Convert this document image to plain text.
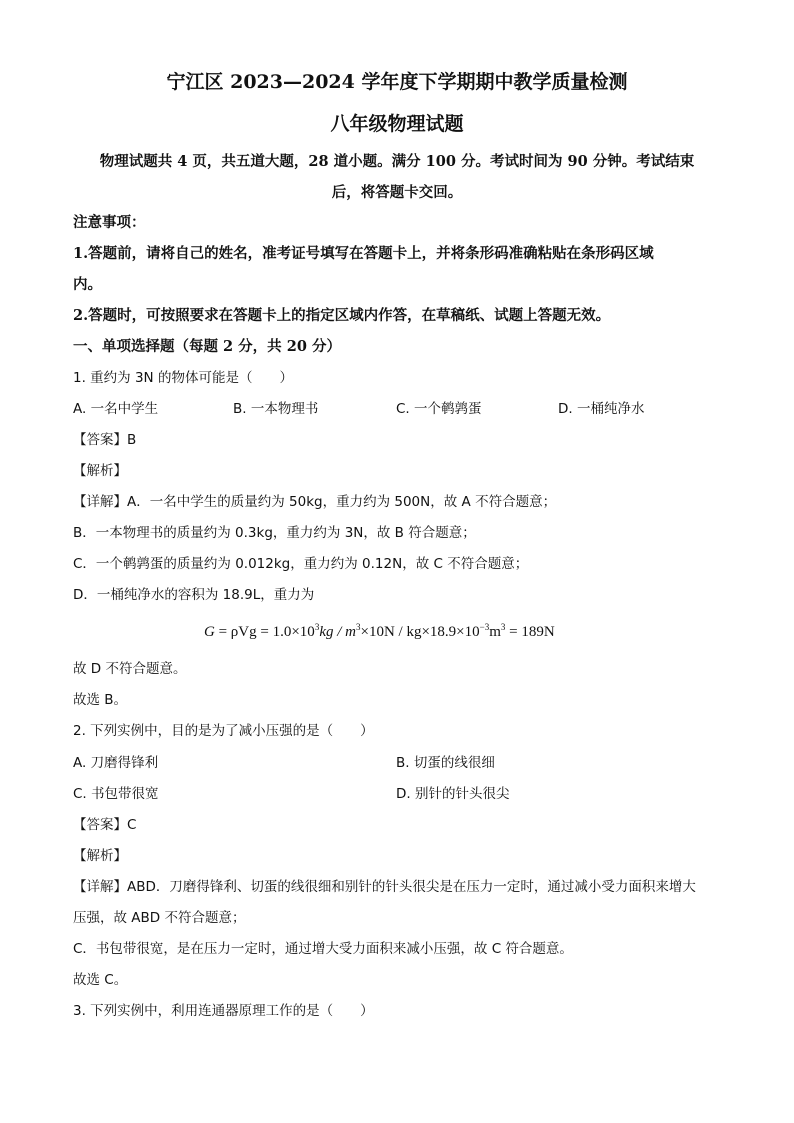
宁江区 2023—2024 学年度下学期期中教学质量检测
八年级物理试题
物理试题共 4 页，共五道大题，28 道小题。满分 100 分。考试时间为 90 分钟。考试结束
后，将答题卡交回。
注意事项：
1.答题前，请将自己的姓名，准考证号填写在答题卡上，并将条形码准确粘贴在条形码区域
内。
2.答题时，可按照要求在答题卡上的指定区域内作答，在草稿纸、试题上答题无效。
一、单项选择题（每题 2 分，共 20 分）
1. 重约为 3N 的物体可能是（　　）
A. 一名中学生	B. 一本物理书	C. 一个鹌鹑蛋	D. 一桶纯净水
【答案】B
【解析】
【详解】A．一名中学生的质量约为 50kg，重力约为 500N，故 A 不符合题意；
B．一本物理书的质量约为 0.3kg，重力约为 3N，故 B 符合题意；
C．一个鹌鹑蛋的质量约为 0.012kg，重力约为 0.12N，故 C 不符合题意；
D．一桶纯净水的容积为 18.9L，重力为
$G = \rho Vg = 1.0\times 10^3kg / m^3\times 10N / kg\times 18.9\times 10^{-3}m^3 = 189N$
故 D 不符合题意。
故选 B。
2. 下列实例中，目的是为了减小压强的是（　　）
A. 刀磨得锋利	B. 切蛋的线很细
C. 书包带很宽	D. 别针的针头很尖
【答案】C
【解析】
【详解】ABD．刀磨得锋利、切蛋的线很细和别针的针头很尖是在压力一定时，通过减小受力面积来增大
压强，故 ABD 不符合题意；
C．书包带很宽，是在压力一定时，通过增大受力面积来减小压强，故 C 符合题意。
故选 C。
3. 下列实例中，利用连通器原理工作的是（　　）
